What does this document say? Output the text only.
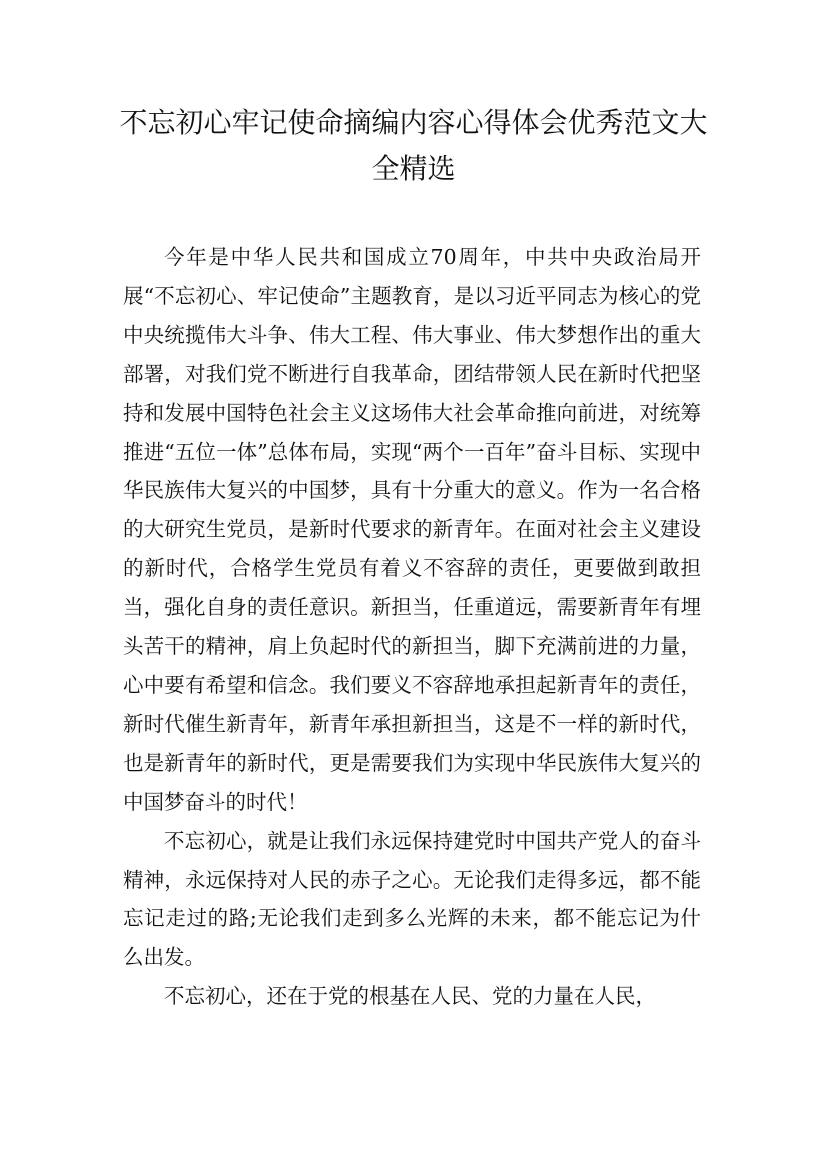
不忘初心牢记使命摘编内容心得体会优秀范文大全精选

今年是中华人民共和国成立70周年，中共中央政治局开展“不忘初心、牢记使命”主题教育，是以习近平同志为核心的党中央统揽伟大斗争、伟大工程、伟大事业、伟大梦想作出的重大部署，对我们党不断进行自我革命，团结带领人民在新时代把坚持和发展中国特色社会主义这场伟大社会革命推向前进，对统筹推进“五位一体”总体布局，实现“两个一百年”奋斗目标、实现中华民族伟大复兴的中国梦，具有十分重大的意义。作为一名合格的大研究生党员，是新时代要求的新青年。在面对社会主义建设的新时代，合格学生党员有着义不容辞的责任，更要做到敢担当，强化自身的责任意识。新担当，任重道远，需要新青年有埋头苦干的精神，肩上负起时代的新担当，脚下充满前进的力量，心中要有希望和信念。我们要义不容辞地承担起新青年的责任，新时代催生新青年，新青年承担新担当，这是不一样的新时代，也是新青年的新时代，更是需要我们为实现中华民族伟大复兴的中国梦奋斗的时代！

不忘初心，就是让我们永远保持建党时中国共产党人的奋斗精神，永远保持对人民的赤子之心。无论我们走得多远，都不能忘记走过的路;无论我们走到多么光辉的未来，都不能忘记为什么出发。

不忘初心，还在于党的根基在人民、党的力量在人民，
